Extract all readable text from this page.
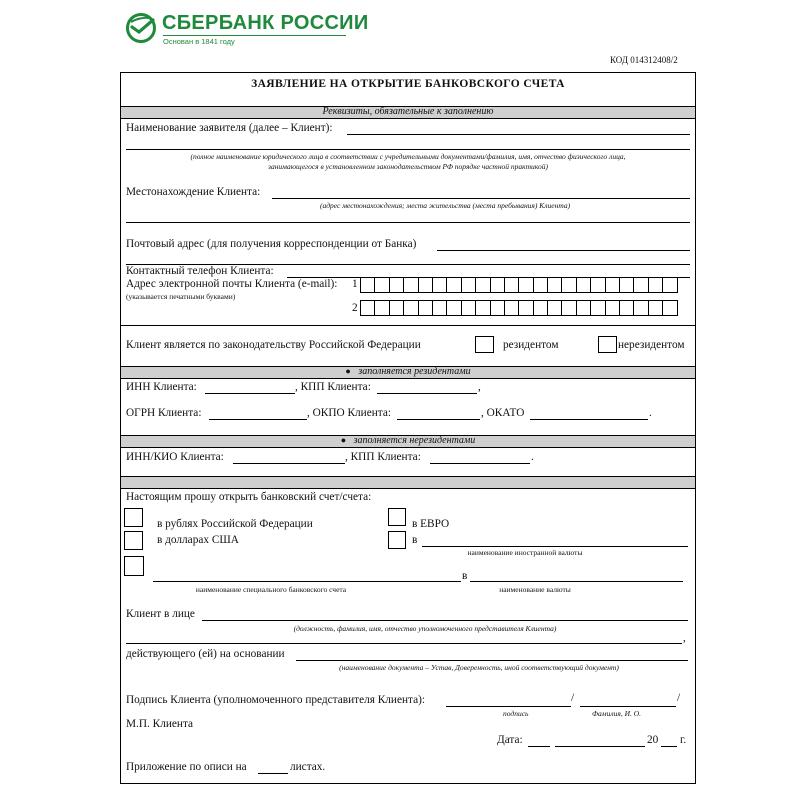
СБЕРБАНК РОССИИ
Основан в 1841 году
КОД 014312408/2
ЗАЯВЛЕНИЕ НА ОТКРЫТИЕ БАНКОВСКОГО СЧЕТА
Реквизиты, обязательные к заполнению
Наименование заявителя (далее – Клиент):
(полное наименование юридического лица в соответствии с учредительными документами/фамилия, имя, отчество физического лица,
занимающегося в установленном законодательством РФ порядке частной практикой)
Местонахождение Клиента:
(адрес местонахождения; места жительства (места пребывания) Клиента)
Почтовый адрес (для получения корреспонденции от Банка)
Контактный телефон Клиента:
Адрес электронной почты Клиента (e-mail):
(указывается печатными буквами)
1
2
Клиент является по законодательству Российской Федерации	резидентом	нерезидентом
● заполняется резидентами
ИНН Клиента:	, КПП Клиента:	,
ОГРН Клиента:	, ОКПО Клиента:	, ОКАТО	.
● заполняется нерезидентами
ИНН/КИО Клиента:	, КПП Клиента:	.
Настоящим прошу открыть банковский счет/счета:
в рублях Российской Федерации
в долларах США
в ЕВРО
в
наименование иностранной валюты
в
наименование специального банковского счета	наименование валюты
Клиент в лице
(должность, фамилия, имя, отчество уполномоченного представителя Клиента)
,
действующего (ей) на основании
(наименование документа – Устав, Доверенность, иной соответствующий документ)
Подпись Клиента (уполномоченного представителя Клиента):	/	/
подпись	Фамилия, И. О.
М.П. Клиента
Дата:	20 г.
Приложение по описи на	листах.
